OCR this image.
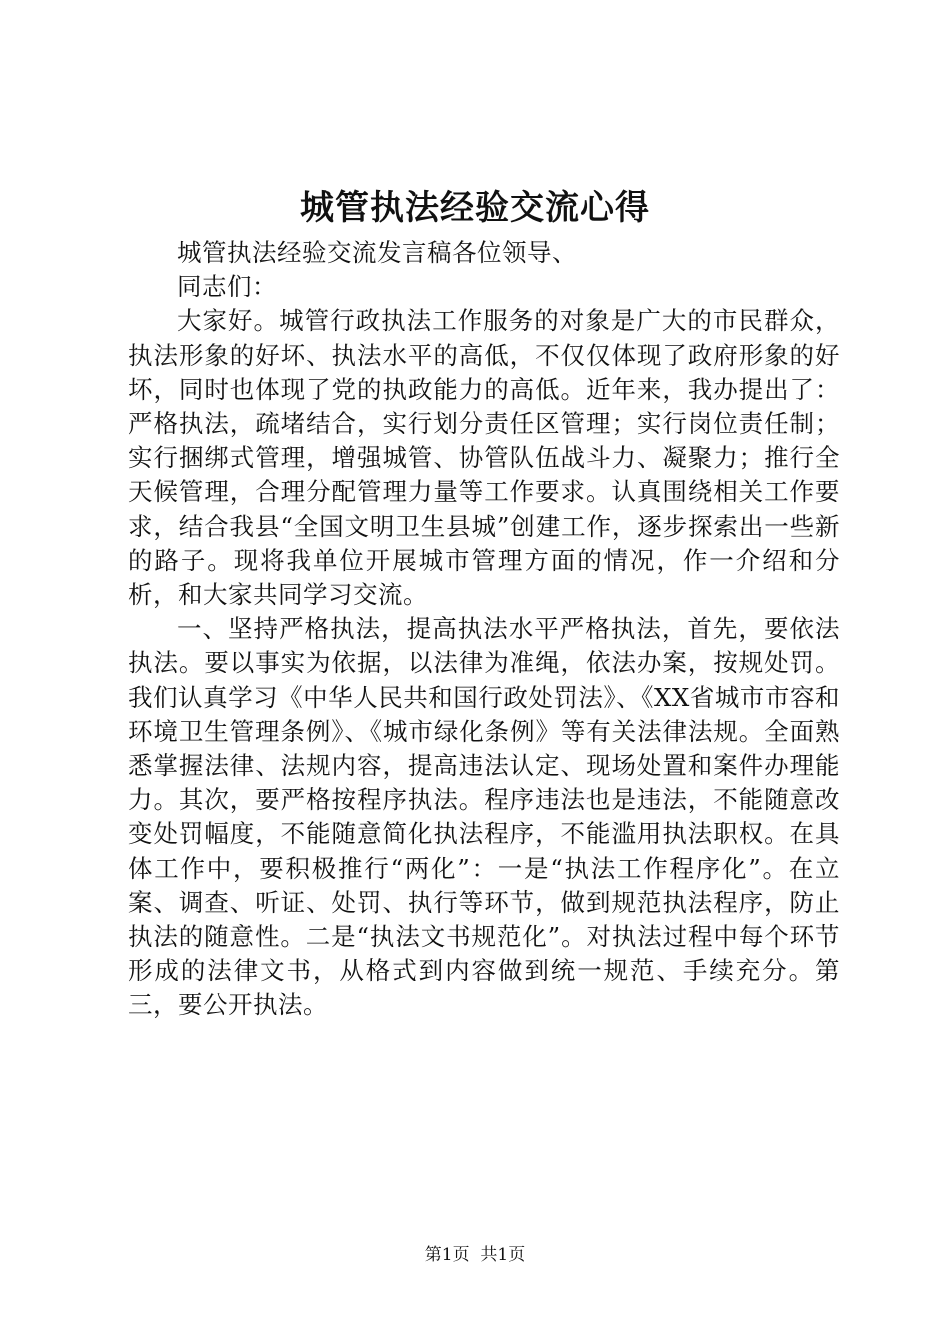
城管执法经验交流心得

城管执法经验交流发言稿各位领导、

同志们：

大家好。城管行政执法工作服务的对象是广大的市民群众，执法形象的好坏、执法水平的高低，不仅仅体现了政府形象的好坏，同时也体现了党的执政能力的高低。近年来，我办提出了：严格执法，疏堵结合，实行划分责任区管理；实行岗位责任制；实行捆绑式管理，增强城管、协管队伍战斗力、凝聚力；推行全天候管理，合理分配管理力量等工作要求。认真围绕相关工作要求，结合我县“全国文明卫生县城”创建工作，逐步探索出一些新的路子。现将我单位开展城市管理方面的情况，作一介绍和分析，和大家共同学习交流。

一、坚持严格执法，提高执法水平严格执法，首先，要依法执法。要以事实为依据，以法律为准绳，依法办案，按规处罚。我们认真学习《中华人民共和国行政处罚法》、《XX省城市市容和环境卫生管理条例》、《城市绿化条例》等有关法律法规。全面熟悉掌握法律、法规内容，提高违法认定、现场处置和案件办理能力。其次，要严格按程序执法。程序违法也是违法，不能随意改变处罚幅度，不能随意简化执法程序，不能滥用执法职权。在具体工作中，要积极推行“两化”：一是“执法工作程序化”。在立案、调查、听证、处罚、执行等环节，做到规范执法程序，防止执法的随意性。二是“执法文书规范化”。对执法过程中每个环节形成的法律文书，从格式到内容做到统一规范、手续充分。第三，要公开执法。

第1页  共1页
